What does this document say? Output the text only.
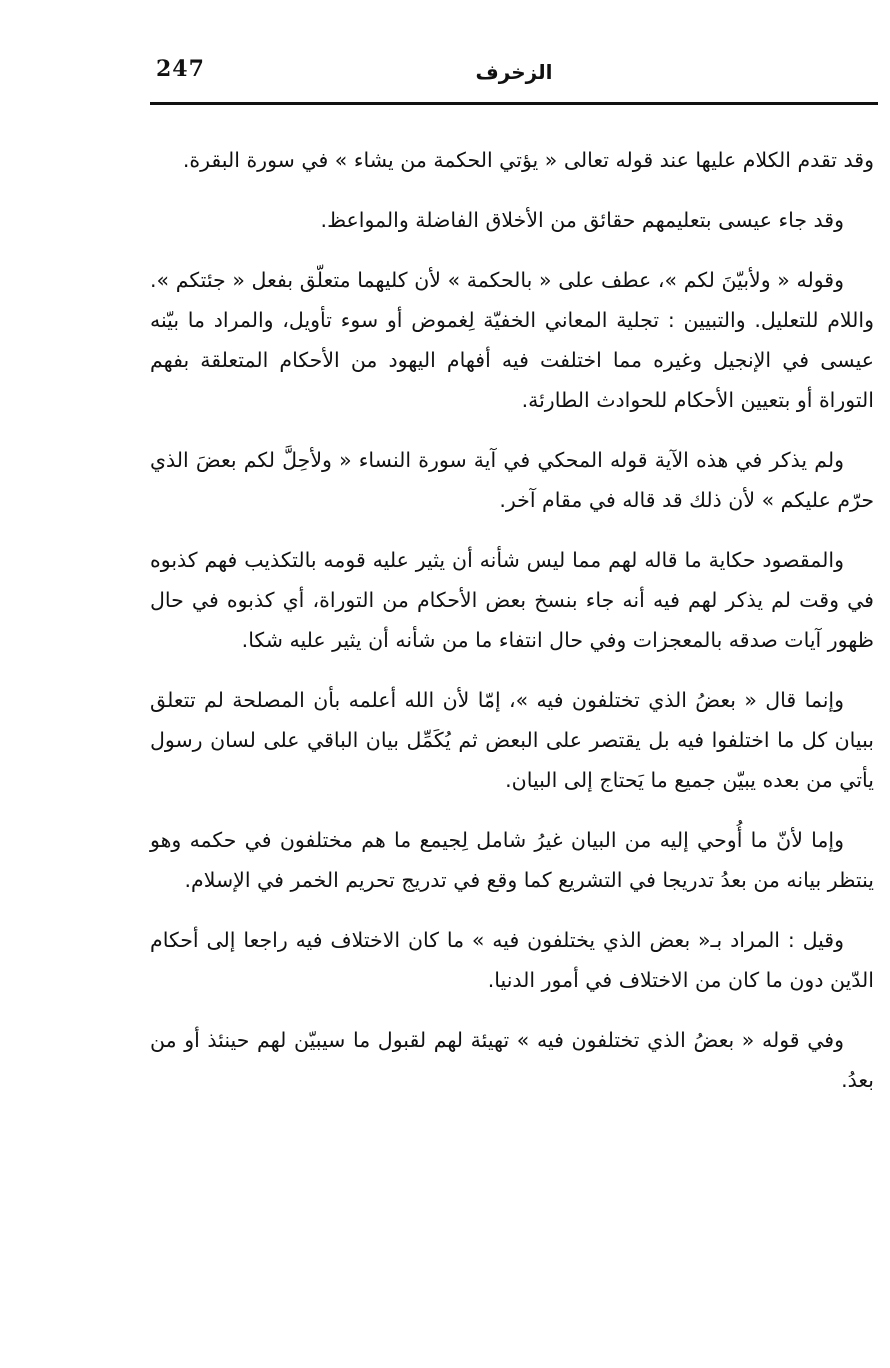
247	الزخرف

وقد تقدم الكلام عليها عند قوله تعالى « يؤتي الحكمة من يشاء » في سورة البقرة.

وقد جاء عيسى بتعليمهم حقائق من الأخلاق الفاضلة والمواعظ.

وقوله « ولأبيّنَ لكم »، عطف على « بالحكمة » لأن كليهما متعلّق بفعل « جئتكم ». واللام للتعليل. والتبيين : تجلية المعاني الخفيّة لِغموض أو سوء تأويل، والمراد ما بيّنه عيسى في الإنجيل وغيره مما اختلفت فيه أفهام اليهود من الأحكام المتعلقة بفهم التوراة أو بتعيين الأحكام للحوادث الطارئة.

ولم يذكر في هذه الآية قوله المحكي في آية سورة النساء « ولأحِلَّ لكم بعضَ الذي حرّم عليكم » لأن ذلك قد قاله في مقام آخر.

والمقصود حكاية ما قاله لهم مما ليس شأنه أن يثير عليه قومه بالتكذيب فهم كذبوه في وقت لم يذكر لهم فيه أنه جاء بنسخ بعض الأحكام من التوراة، أي كذبوه في حال ظهور آيات صدقه بالمعجزات وفي حال انتفاء ما من شأنه أن يثير عليه شكا.

وإنما قال « بعضُ الذي تختلفون فيه »، إمّا لأن الله أعلمه بأن المصلحة لم تتعلق ببيان كل ما اختلفوا فيه بل يقتصر على البعض ثم يُكَمِّل بيان الباقي على لسان رسول يأتي من بعده يبيّن جميع ما يَحتاج إلى البيان.

وإما لأنّ ما أُوحي إليه من البيان غيرُ شامل لِجيمع ما هم مختلفون في حكمه وهو ينتظر بيانه من بعدُ تدريجا في التشريع كما وقع في تدريج تحريم الخمر في الإسلام.

وقيل : المراد بـ« بعض الذي يختلفون فيه » ما كان الاختلاف فيه راجعا إلى أحكام الدّين دون ما كان من الاختلاف في أمور الدنيا.

وفي قوله « بعضُ الذي تختلفون فيه » تهيئة لهم لقبول ما سيبيّن لهم حينئذ أو من بعدُ.
